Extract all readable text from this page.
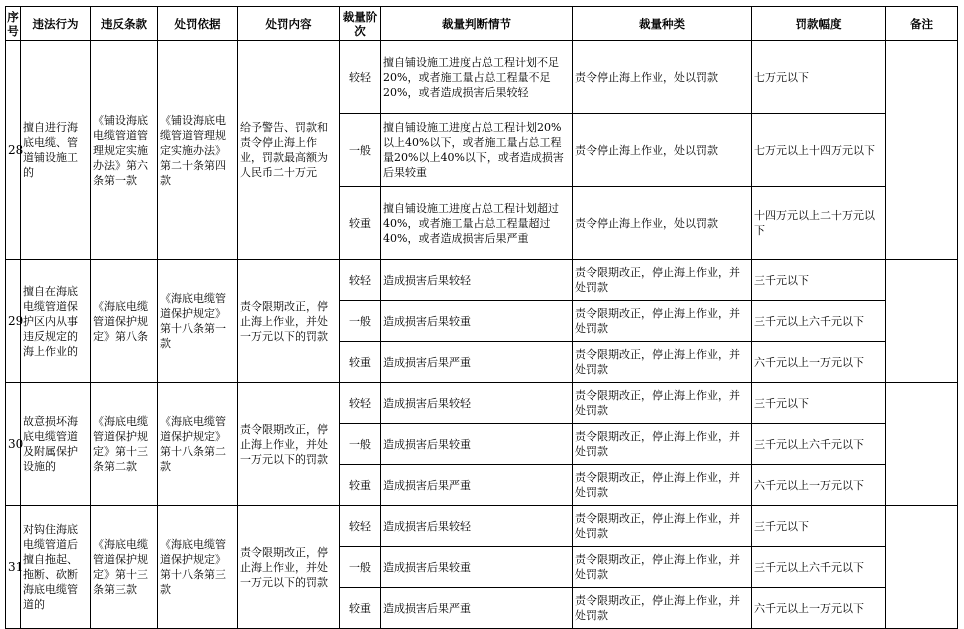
序号	违法行为	违反条款	处罚依据	处罚内容	裁量阶次	裁量判断情节	裁量种类	罚款幅度	备注
28	擅自进行海底电缆、管道铺设施工的	《铺设海底电缆管道管理规定实施办法》第六条第一款	《铺设海底电缆管道管理规定实施办法》第二十条第四款	给予警告、罚款和责令停止海上作业，罚款最高额为人民币二十万元	较轻	擅自铺设施工进度占总工程计划不足20%，或者施工量占总工程量不足20%，或者造成损害后果较轻	责令停止海上作业，处以罚款	七万元以下	
					一般	擅自铺设施工进度占总工程计划20%以上40%以下，或者施工量占总工程量20%以上40%以下，或者造成损害后果较重	责令停止海上作业，处以罚款	七万元以上十四万元以下	
					较重	擅自铺设施工进度占总工程计划超过40%，或者施工量占总工程量超过40%，或者造成损害后果严重	责令停止海上作业，处以罚款	十四万元以上二十万元以下	
29	擅自在海底电缆管道保护区内从事违反规定的海上作业的	《海底电缆管道保护规定》第八条	《海底电缆管道保护规定》第十八条第一款	责令限期改正，停止海上作业，并处一万元以下的罚款	较轻	造成损害后果较轻	责令限期改正，停止海上作业，并处罚款	三千元以下	
					一般	造成损害后果较重	责令限期改正，停止海上作业，并处罚款	三千元以上六千元以下	
					较重	造成损害后果严重	责令限期改正，停止海上作业，并处罚款	六千元以上一万元以下	
30	故意损坏海底电缆管道及附属保护设施的	《海底电缆管道保护规定》第十三条第二款	《海底电缆管道保护规定》第十八条第二款	责令限期改正，停止海上作业，并处一万元以下的罚款	较轻	造成损害后果较轻	责令限期改正，停止海上作业，并处罚款	三千元以下	
					一般	造成损害后果较重	责令限期改正，停止海上作业，并处罚款	三千元以上六千元以下	
					较重	造成损害后果严重	责令限期改正，停止海上作业，并处罚款	六千元以上一万元以下	
31	对钩住海底电缆管道后擅自拖起、拖断、砍断海底电缆管道的	《海底电缆管道保护规定》第十三条第三款	《海底电缆管道保护规定》第十八条第三款	责令限期改正，停止海上作业，并处一万元以下的罚款	较轻	造成损害后果较轻	责令限期改正，停止海上作业，并处罚款	三千元以下	
					一般	造成损害后果较重	责令限期改正，停止海上作业，并处罚款	三千元以上六千元以下	
					较重	造成损害后果严重	责令限期改正，停止海上作业，并处罚款	六千元以上一万元以下	
